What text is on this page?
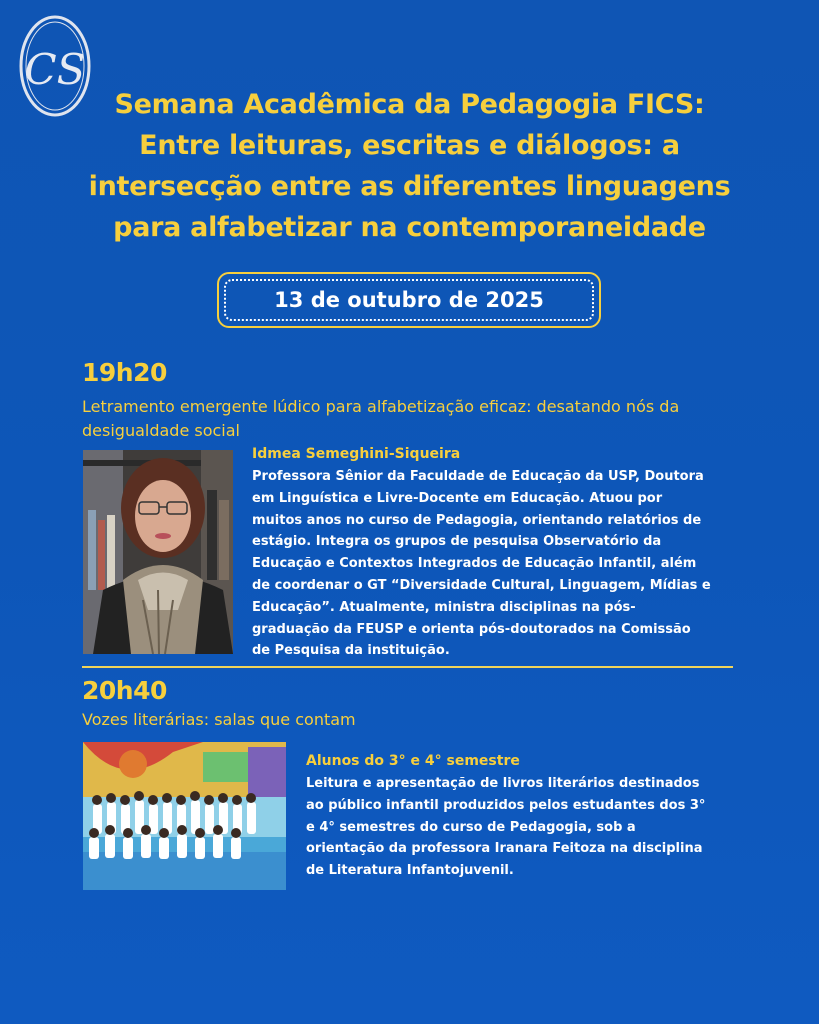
CS
Semana Acadêmica da Pedagogia FICS:
Entre leituras, escritas e diálogos: a
intersecção entre as diferentes linguagens
para alfabetizar na contemporaneidade
13 de outubro de 2025
19h20
Letramento emergente lúdico para alfabetização eficaz: desatando nós da
desigualdade social
Idmea Semeghini-Siqueira
Professora Sênior da Faculdade de Educação da USP, Doutora
em Linguística e Livre-Docente em Educação. Atuou por
muitos anos no curso de Pedagogia, orientando relatórios de
estágio. Integra os grupos de pesquisa Observatório da
Educação e Contextos Integrados de Educação Infantil, além
de coordenar o GT “Diversidade Cultural, Linguagem, Mídias e
Educação”. Atualmente, ministra disciplinas na pós-
graduação da FEUSP e orienta pós-doutorados na Comissão
de Pesquisa da instituição.
20h40
Vozes literárias: salas que contam
Alunos do 3° e 4° semestre
Leitura e apresentação de livros literários destinados
ao público infantil produzidos pelos estudantes dos 3°
e 4° semestres do curso de Pedagogia, sob a
orientação da professora Iranara Feitoza na disciplina
de Literatura Infantojuvenil.
